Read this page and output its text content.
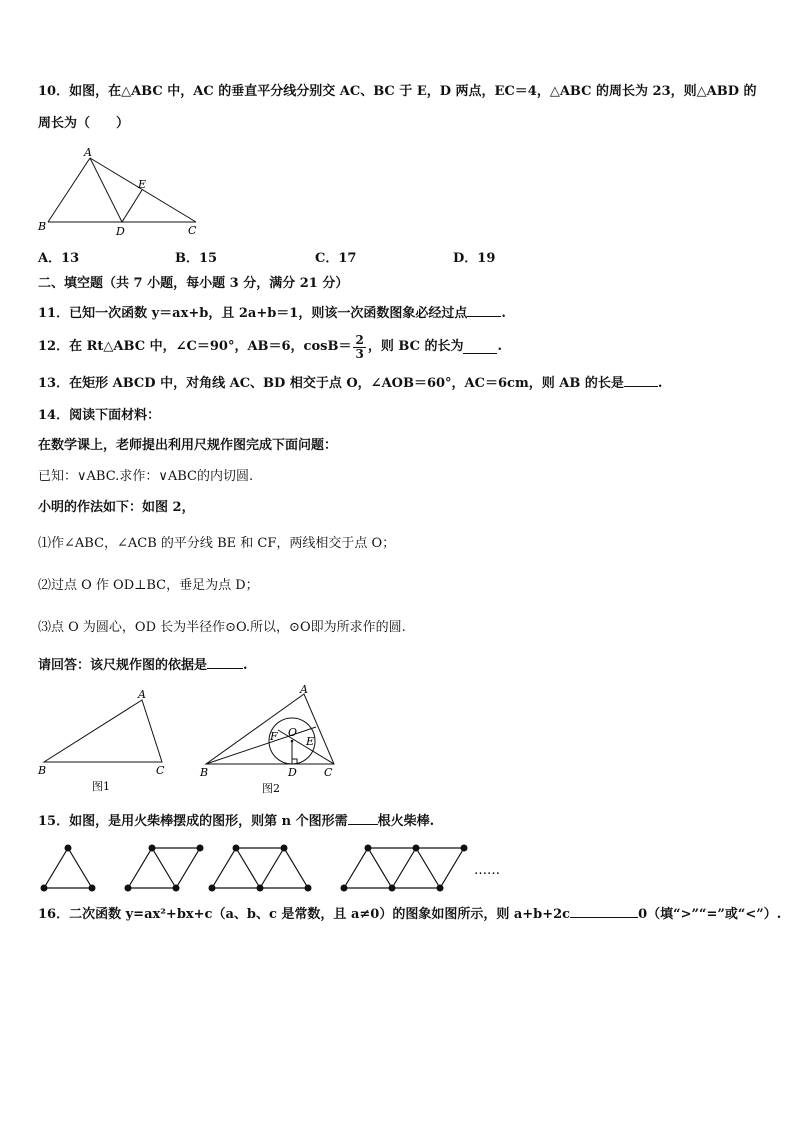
10．如图，在△ABC 中，AC 的垂直平分线分别交 AC、BC 于 E，D 两点，EC＝4，△ABC 的周长为 23，则△ABD 的
周长为（　　）
A
B	C
D
E
A．13	B．15	C．17	D．19
二、填空题（共 7 小题，每小题 3 分，满分 21 分）
11．已知一次函数 y＝ax+b，且 2a+b＝1，则该一次函数图象必经过点	.
12．在 Rt△ABC 中，∠C＝90°，AB＝6，$\cos B= \frac{2}{3}$ ，则 BC 的长为	.
13．在矩形 ABCD 中，对角线 AC、BD 相交于点 O，∠AOB＝60°，AC＝6cm，则 AB 的长是	.
14．阅读下面材料：
在数学课上，老师提出利用尺规作图完成下面问题：
已知：∨ABC.求作：∨ABC的内切圆.
小明的作法如下：如图 2，
⑴作∠ABC，∠ACB 的平分线 BE 和 CF，两线相交于点 O；
⑵过点 O 作 OD⊥BC，垂足为点 D；
⑶点 O 为圆心，OD 长为半径作⊙O.所以，⊙O即为所求作的圆.
请回答：该尺规作图的依据是	.
A
B	C
图1
A
B	C
D
E
F O
图2
15．如图，是用火柴棒摆成的图形，则第 n 个图形需 根火柴棒.
……
16．二次函数 y=ax²+bx+c（a、b、c 是常数，且 a≠0）的图象如图所示，则 a+b+2c	0（填“>”“=”或“<”）.
